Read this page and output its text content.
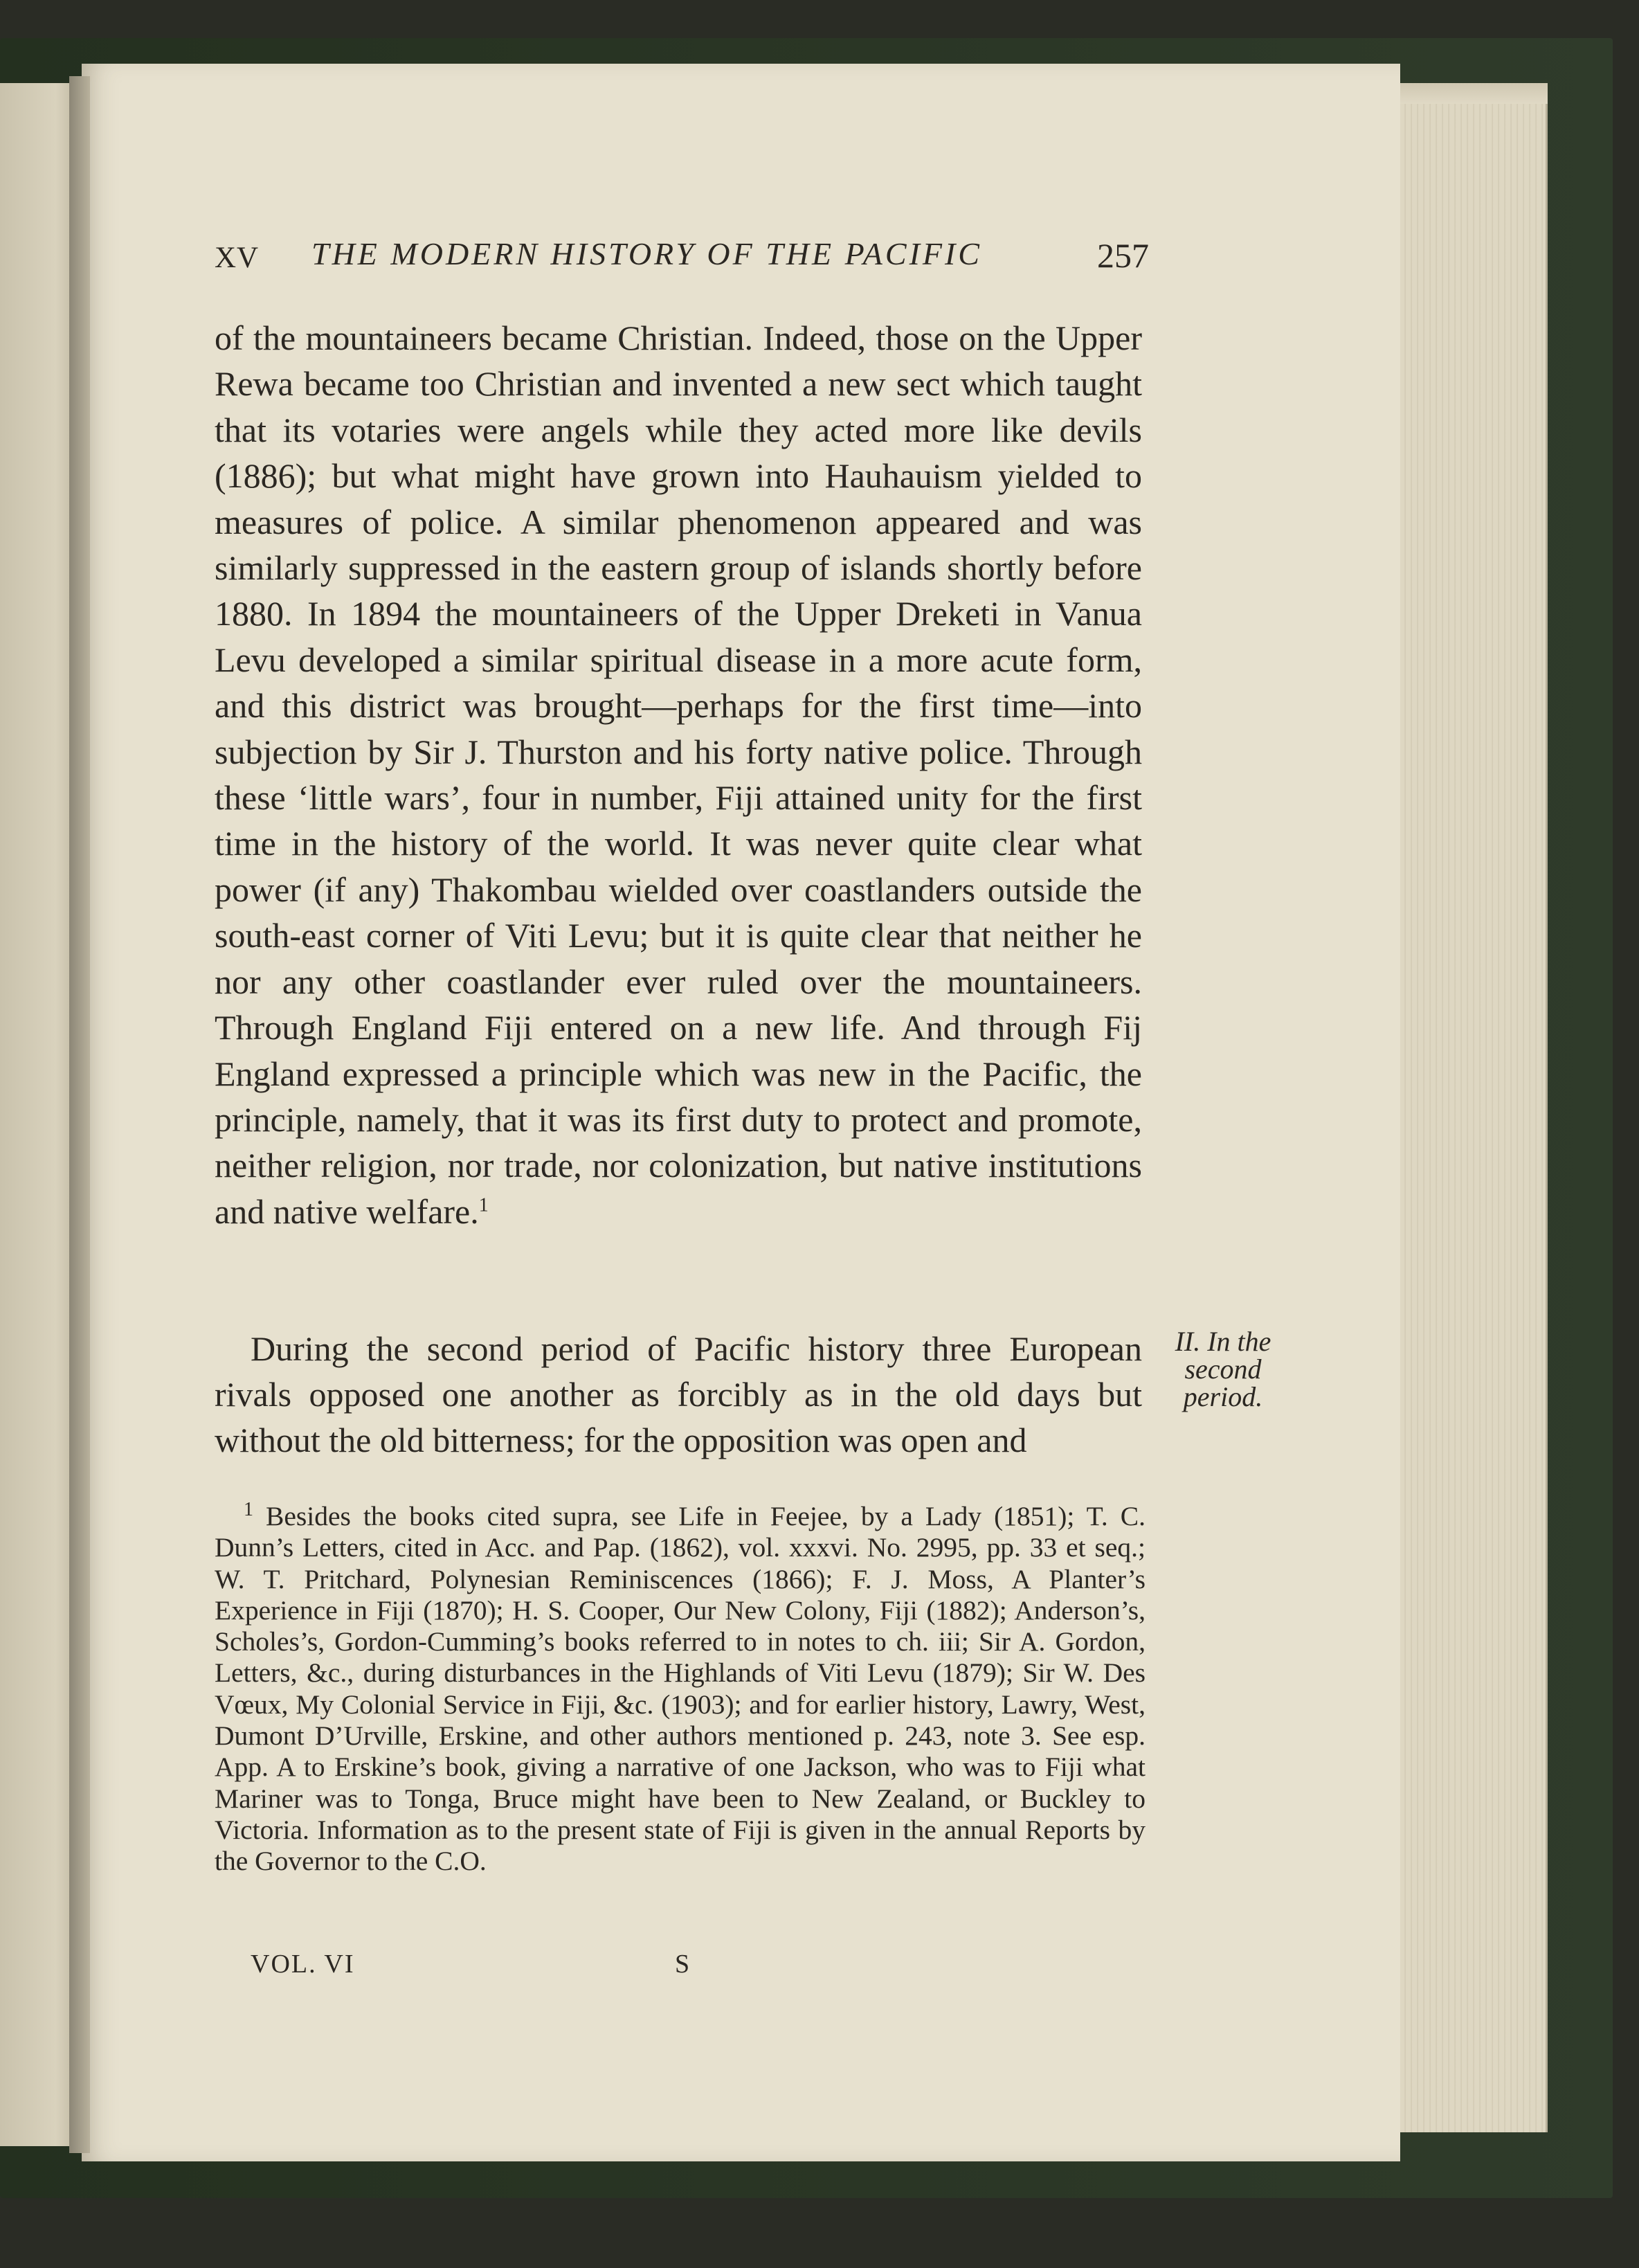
XV THE MODERN HISTORY OF THE PACIFIC	257
of the mountaineers became Christian. Indeed, those on the Upper Rewa became too Christian and invented a new sect which taught that its votaries were angels while they acted more like devils (1886); but what might have grown into Hauhauism yielded to measures of police. A similar phenomenon appeared and was similarly suppressed in the eastern group of islands shortly before 1880. In 1894 the mountaineers of the Upper Dreketi in Vanua Levu developed a similar spiritual disease in a more acute form, and this district was brought—perhaps for the first time—into subjection by Sir J. Thurston and his forty native police. Through these ‘little wars’, four in number, Fiji attained unity for the first time in the history of the world. It was never quite clear what power (if any) Thakombau wielded over coastlanders outside the south-east corner of Viti Levu; but it is quite clear that neither he nor any other coastlander ever ruled over the mountaineers. Through England Fiji entered on a new life. And through Fij England expressed a principle which was new in the Pacific, the principle, namely, that it was its first duty to protect and promote, neither religion, nor trade, nor colonization, but native institutions and native welfare.$^1$
During the second period of Pacific history three European rivals opposed one another as forcibly as in the old days but without the old bitterness; for the opposition was open and
II. In the
second
period.
$^1$ Besides the books cited supra, see Life in Feejee, by a Lady (1851); T. C. Dunn’s Letters, cited in Acc. and Pap. (1862), vol. xxxvi. No. 2995, pp. 33 et seq.; W. T. Pritchard, Polynesian Reminiscences (1866); F. J. Moss, A Planter’s Experience in Fiji (1870); H. S. Cooper, Our New Colony, Fiji (1882); Anderson’s, Scholes’s, Gordon-Cumming’s books referred to in notes to ch. iii; Sir A. Gordon, Letters, &c., during disturbances in the Highlands of Viti Levu (1879); Sir W. Des Vœux, My Colonial Service in Fiji, &c. (1903); and for earlier history, Lawry, West, Dumont D’Urville, Erskine, and other authors mentioned p. 243, note 3. See esp. App. A to Erskine’s book, giving a narrative of one Jackson, who was to Fiji what Mariner was to Tonga, Bruce might have been to New Zealand, or Buckley to Victoria. Information as to the present state of Fiji is given in the annual Reports by the Governor to the C.O.
VOL. VI	S
